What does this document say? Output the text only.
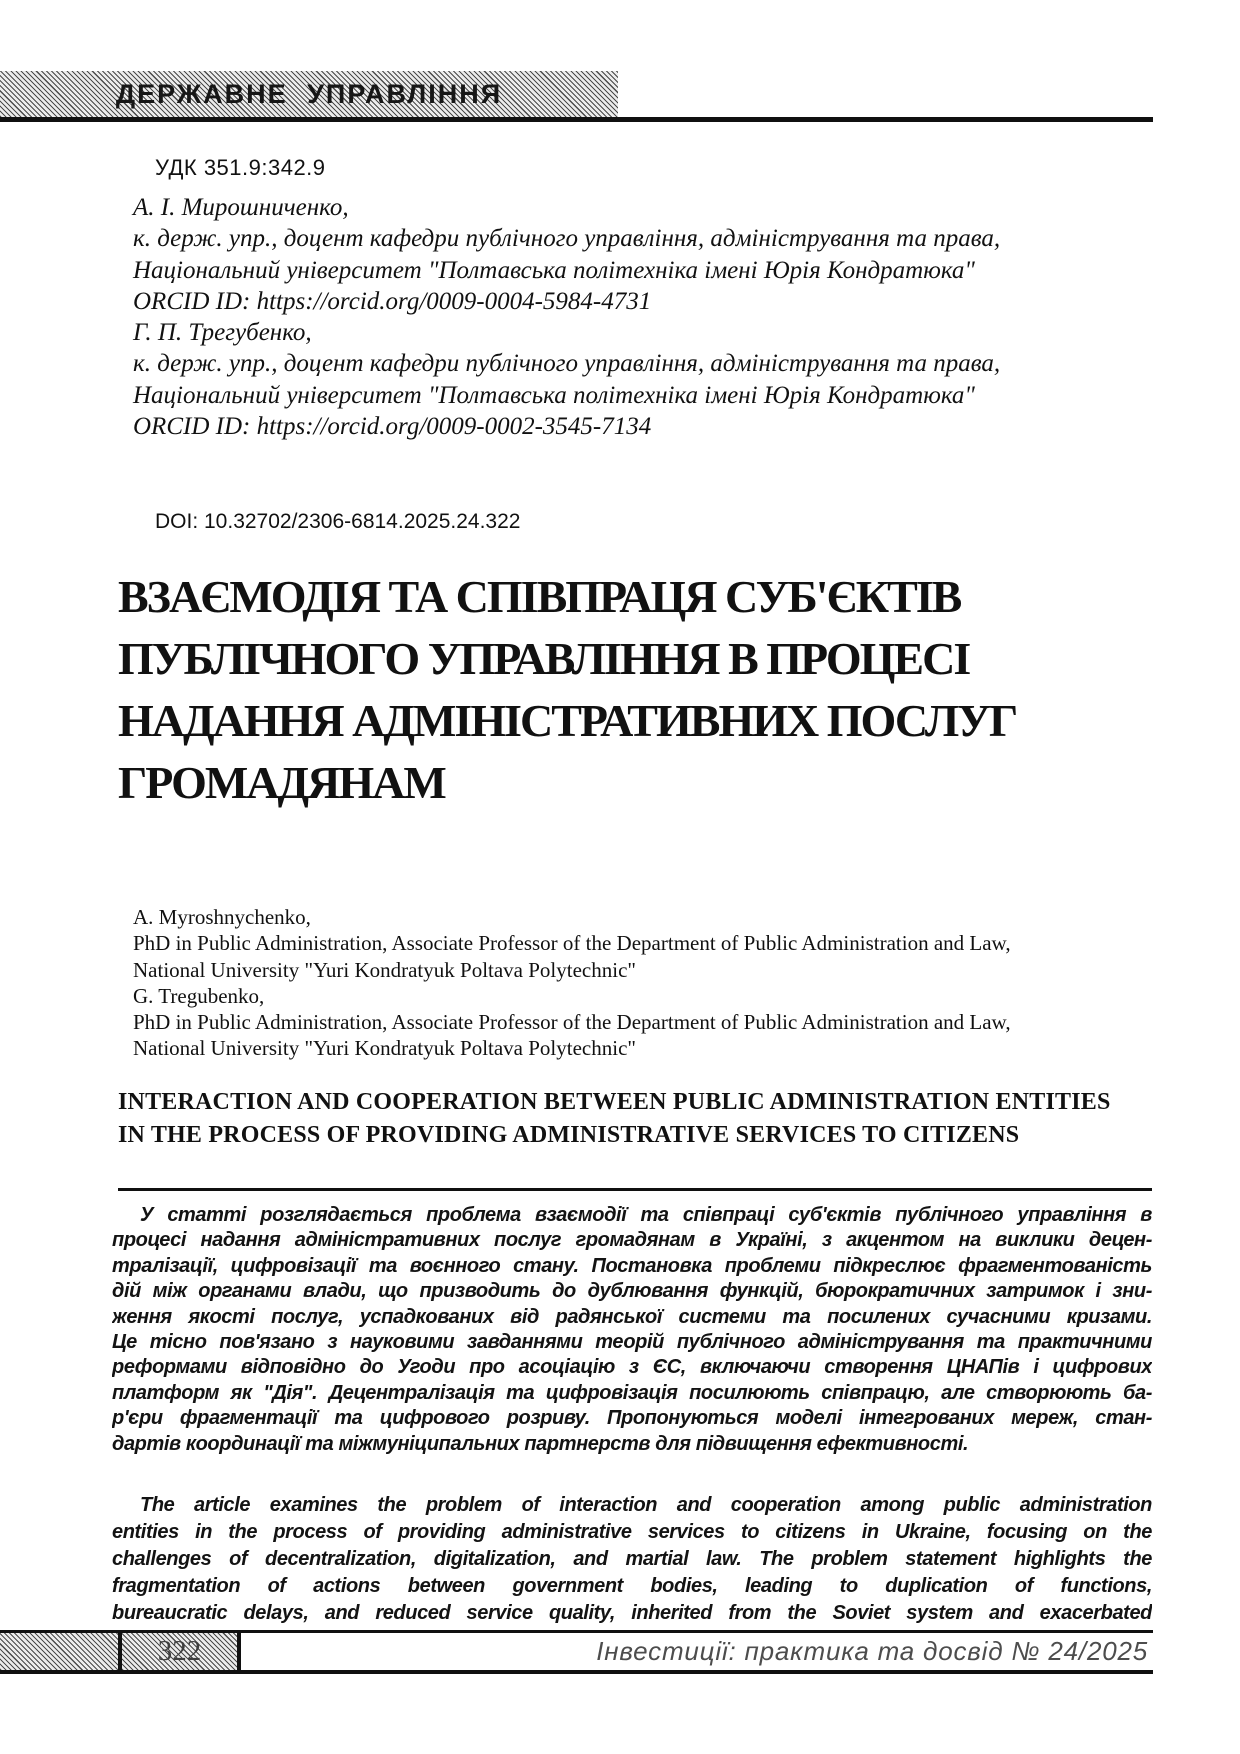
ДЕРЖАВНЕ УПРАВЛІННЯ
УДК 351.9:342.9
А. І. Мирошниченко,
к. держ. упр., доцент кафедри публічного управління, адміністрування та права,
Національний університет "Полтавська політехніка імені Юрія Кондратюка"
ORCID ID: https://orcid.org/0009-0004-5984-4731
Г. П. Трегубенко,
к. держ. упр., доцент кафедри публічного управління, адміністрування та права,
Національний університет "Полтавська політехніка імені Юрія Кондратюка"
ORCID ID: https://orcid.org/0009-0002-3545-7134
DOI: 10.32702/2306-6814.2025.24.322
ВЗАЄМОДІЯ ТА СПІВПРАЦЯ СУБ'ЄКТІВ
ПУБЛІЧНОГО УПРАВЛІННЯ В ПРОЦЕСІ
НАДАННЯ АДМІНІСТРАТИВНИХ ПОСЛУГ
ГРОМАДЯНАМ
A. Myroshnychenko,
PhD in Public Administration, Associate Professor of the Department of Public Administration and Law,
National University "Yuri Kondratyuk Poltava Polytechnic"
G. Tregubenko,
PhD in Public Administration, Associate Professor of the Department of Public Administration and Law,
National University "Yuri Kondratyuk Poltava Polytechnic"
INTERACTION AND COOPERATION BETWEEN PUBLIC ADMINISTRATION ENTITIES
IN THE PROCESS OF PROVIDING ADMINISTRATIVE SERVICES TO CITIZENS
У статті розглядається проблема взаємодії та співпраці суб'єктів публічного управління в
процесі надання адміністративних послуг громадянам в Україні, з акцентом на виклики децен-
тралізації, цифровізації та воєнного стану. Постановка проблеми підкреслює фрагментованість
дій між органами влади, що призводить до дублювання функцій, бюрократичних затримок і зни-
ження якості послуг, успадкованих від радянської системи та посилених сучасними кризами.
Це тісно пов'язано з науковими завданнями теорій публічного адміністрування та практичними
реформами відповідно до Угоди про асоціацію з ЄС, включаючи створення ЦНАПів і цифрових
платформ як "Дія". Децентралізація та цифровізація посилюють співпрацю, але створюють ба-
р'єри фрагментації та цифрового розриву. Пропонуються моделі інтегрованих мереж, стан-
дартів координації та міжмуніципальних партнерств для підвищення ефективності.
The article examines the problem of interaction and cooperation among public administration
entities in the process of providing administrative services to citizens in Ukraine, focusing on the
challenges of decentralization, digitalization, and martial law. The problem statement highlights the
fragmentation of actions between government bodies, leading to duplication of functions,
bureaucratic delays, and reduced service quality, inherited from the Soviet system and exacerbated
322	Інвестиції: практика та досвід № 24/2025
